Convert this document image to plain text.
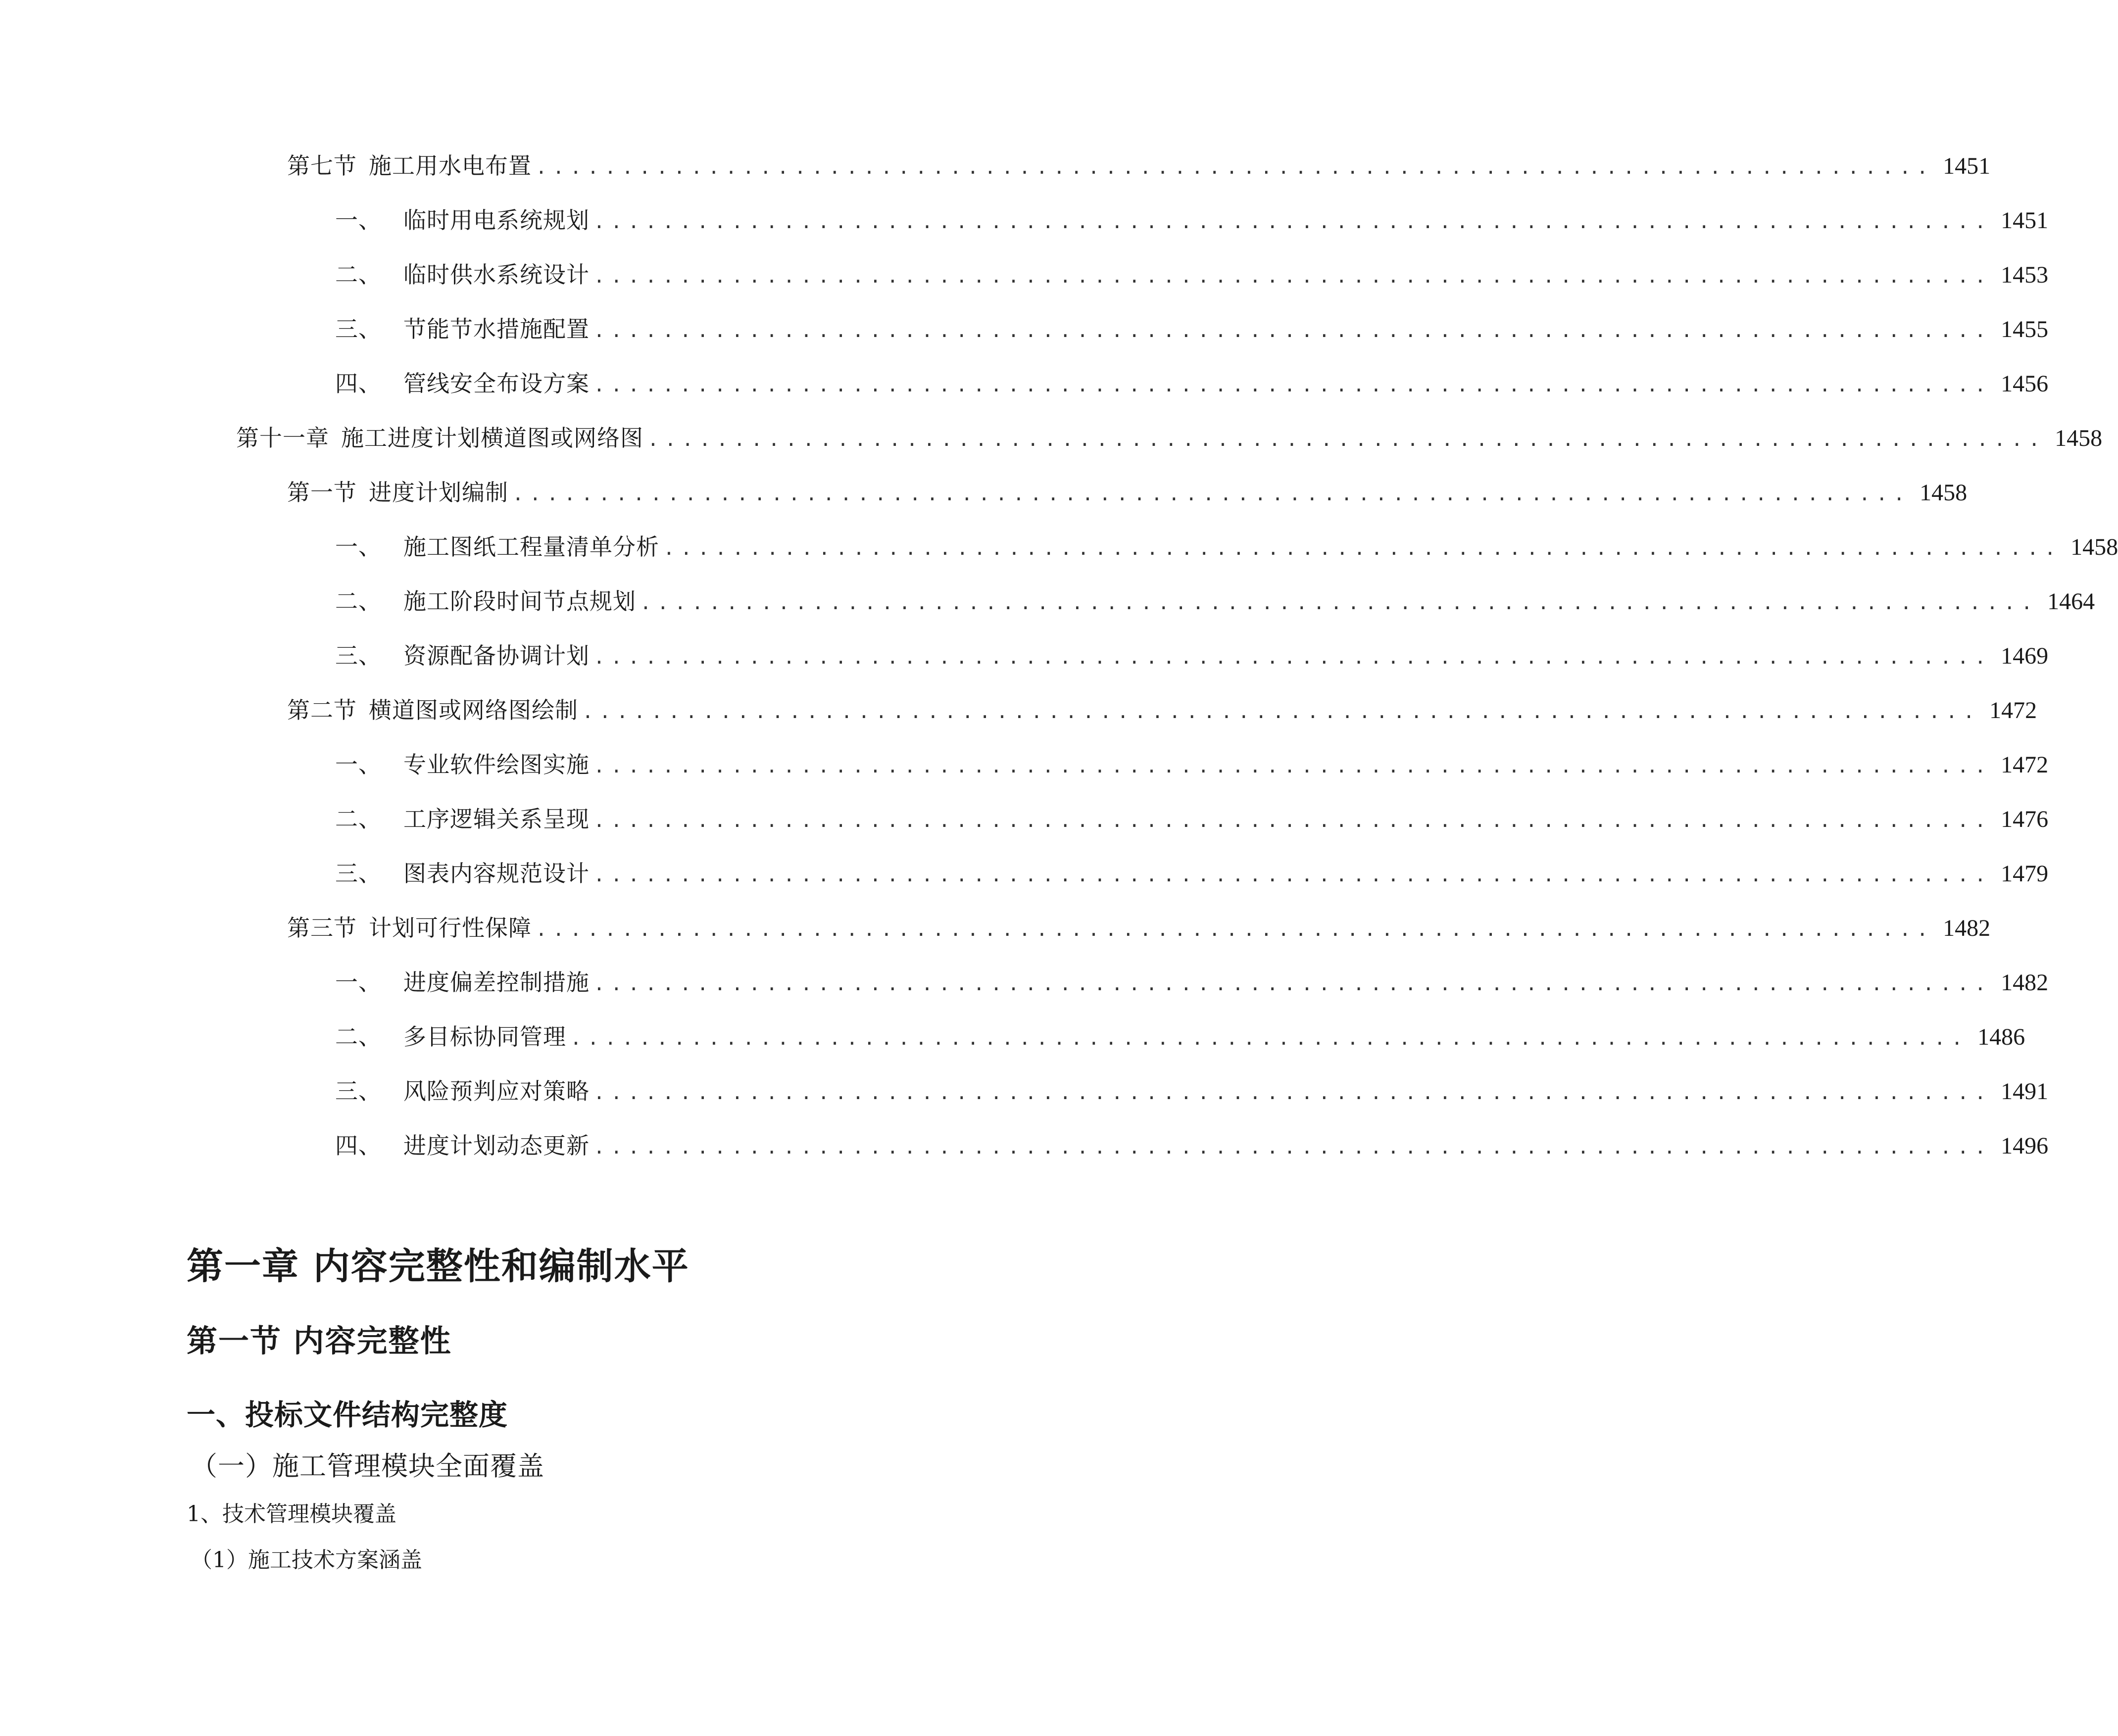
第七节 施工用水电布置 ................................................................................. 1451
一、 临时用电系统规划 ................................................................................. 1451
二、 临时供水系统设计 ................................................................................. 1453
三、 节能节水措施配置 ................................................................................. 1455
四、 管线安全布设方案 ................................................................................. 1456
第十一章 施工进度计划横道图或网络图 ................................................................................. 1458
第一节 进度计划编制 ................................................................................. 1458
一、 施工图纸工程量清单分析 ................................................................................. 1458
二、 施工阶段时间节点规划 ................................................................................. 1464
三、 资源配备协调计划 ................................................................................. 1469
第二节 横道图或网络图绘制 ................................................................................. 1472
一、 专业软件绘图实施 ................................................................................. 1472
二、 工序逻辑关系呈现 ................................................................................. 1476
三、 图表内容规范设计 ................................................................................. 1479
第三节 计划可行性保障 ................................................................................. 1482
一、 进度偏差控制措施 ................................................................................. 1482
二、 多目标协同管理 ................................................................................. 1486
三、 风险预判应对策略 ................................................................................. 1491
四、 进度计划动态更新 ................................................................................. 1496
第一章 内容完整性和编制水平
第一节 内容完整性
一、投标文件结构完整度
（一）施工管理模块全面覆盖
1、技术管理模块覆盖
（1）施工技术方案涵盖
